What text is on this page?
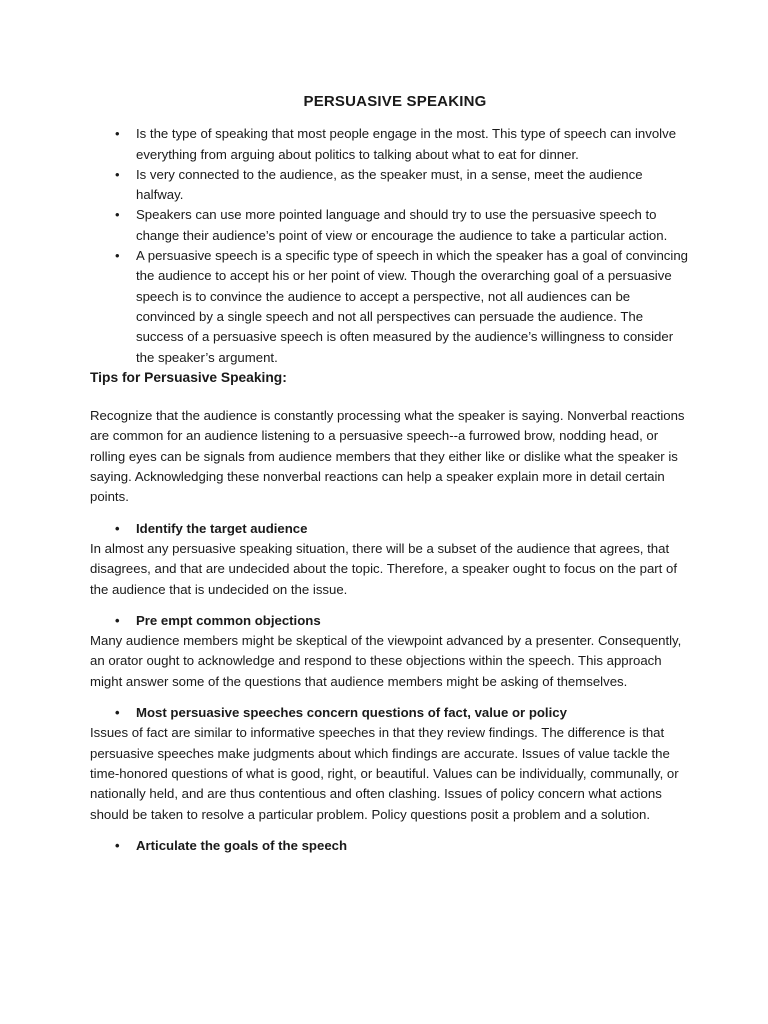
PERSUASIVE SPEAKING
• Is the type of speaking that most people engage in the most. This type of speech can involve everything from arguing about politics to talking about what to eat for dinner.
• Is very connected to the audience, as the speaker must, in a sense, meet the audience halfway.
• Speakers can use more pointed language and should try to use the persuasive speech to change their audience’s point of view or encourage the audience to take a particular action.
• A persuasive speech is a specific type of speech in which the speaker has a goal of convincing the audience to accept his or her point of view. Though the overarching goal of a persuasive speech is to convince the audience to accept a perspective, not all audiences can be convinced by a single speech and not all perspectives can persuade the audience. The success of a persuasive speech is often measured by the audience’s willingness to consider the speaker’s argument.
Tips for Persuasive Speaking:

Recognize that the audience is constantly processing what the speaker is saying. Nonverbal reactions are common for an audience listening to a persuasive speech--a furrowed brow, nodding head, or rolling eyes can be signals from audience members that they either like or dislike what the speaker is saying. Acknowledging these nonverbal reactions can help a speaker explain more in detail certain points.

• Identify the target audience

In almost any persuasive speaking situation, there will be a subset of the audience that agrees, that disagrees, and that are undecided about the topic. Therefore, a speaker ought to focus on the part of the audience that is undecided on the issue.

• Pre empt common objections

Many audience members might be skeptical of the viewpoint advanced by a presenter. Consequently, an orator ought to acknowledge and respond to these objections within the speech. This approach might answer some of the questions that audience members might be asking of themselves.

• Most persuasive speeches concern questions of fact, value or policy

Issues of fact are similar to informative speeches in that they review findings. The difference is that persuasive speeches make judgments about which findings are accurate. Issues of value tackle the time-honored questions of what is good, right, or beautiful. Values can be individually, communally, or nationally held, and are thus contentious and often clashing. Issues of policy concern what actions should be taken to resolve a particular problem. Policy questions posit a problem and a solution.

• Articulate the goals of the speech
